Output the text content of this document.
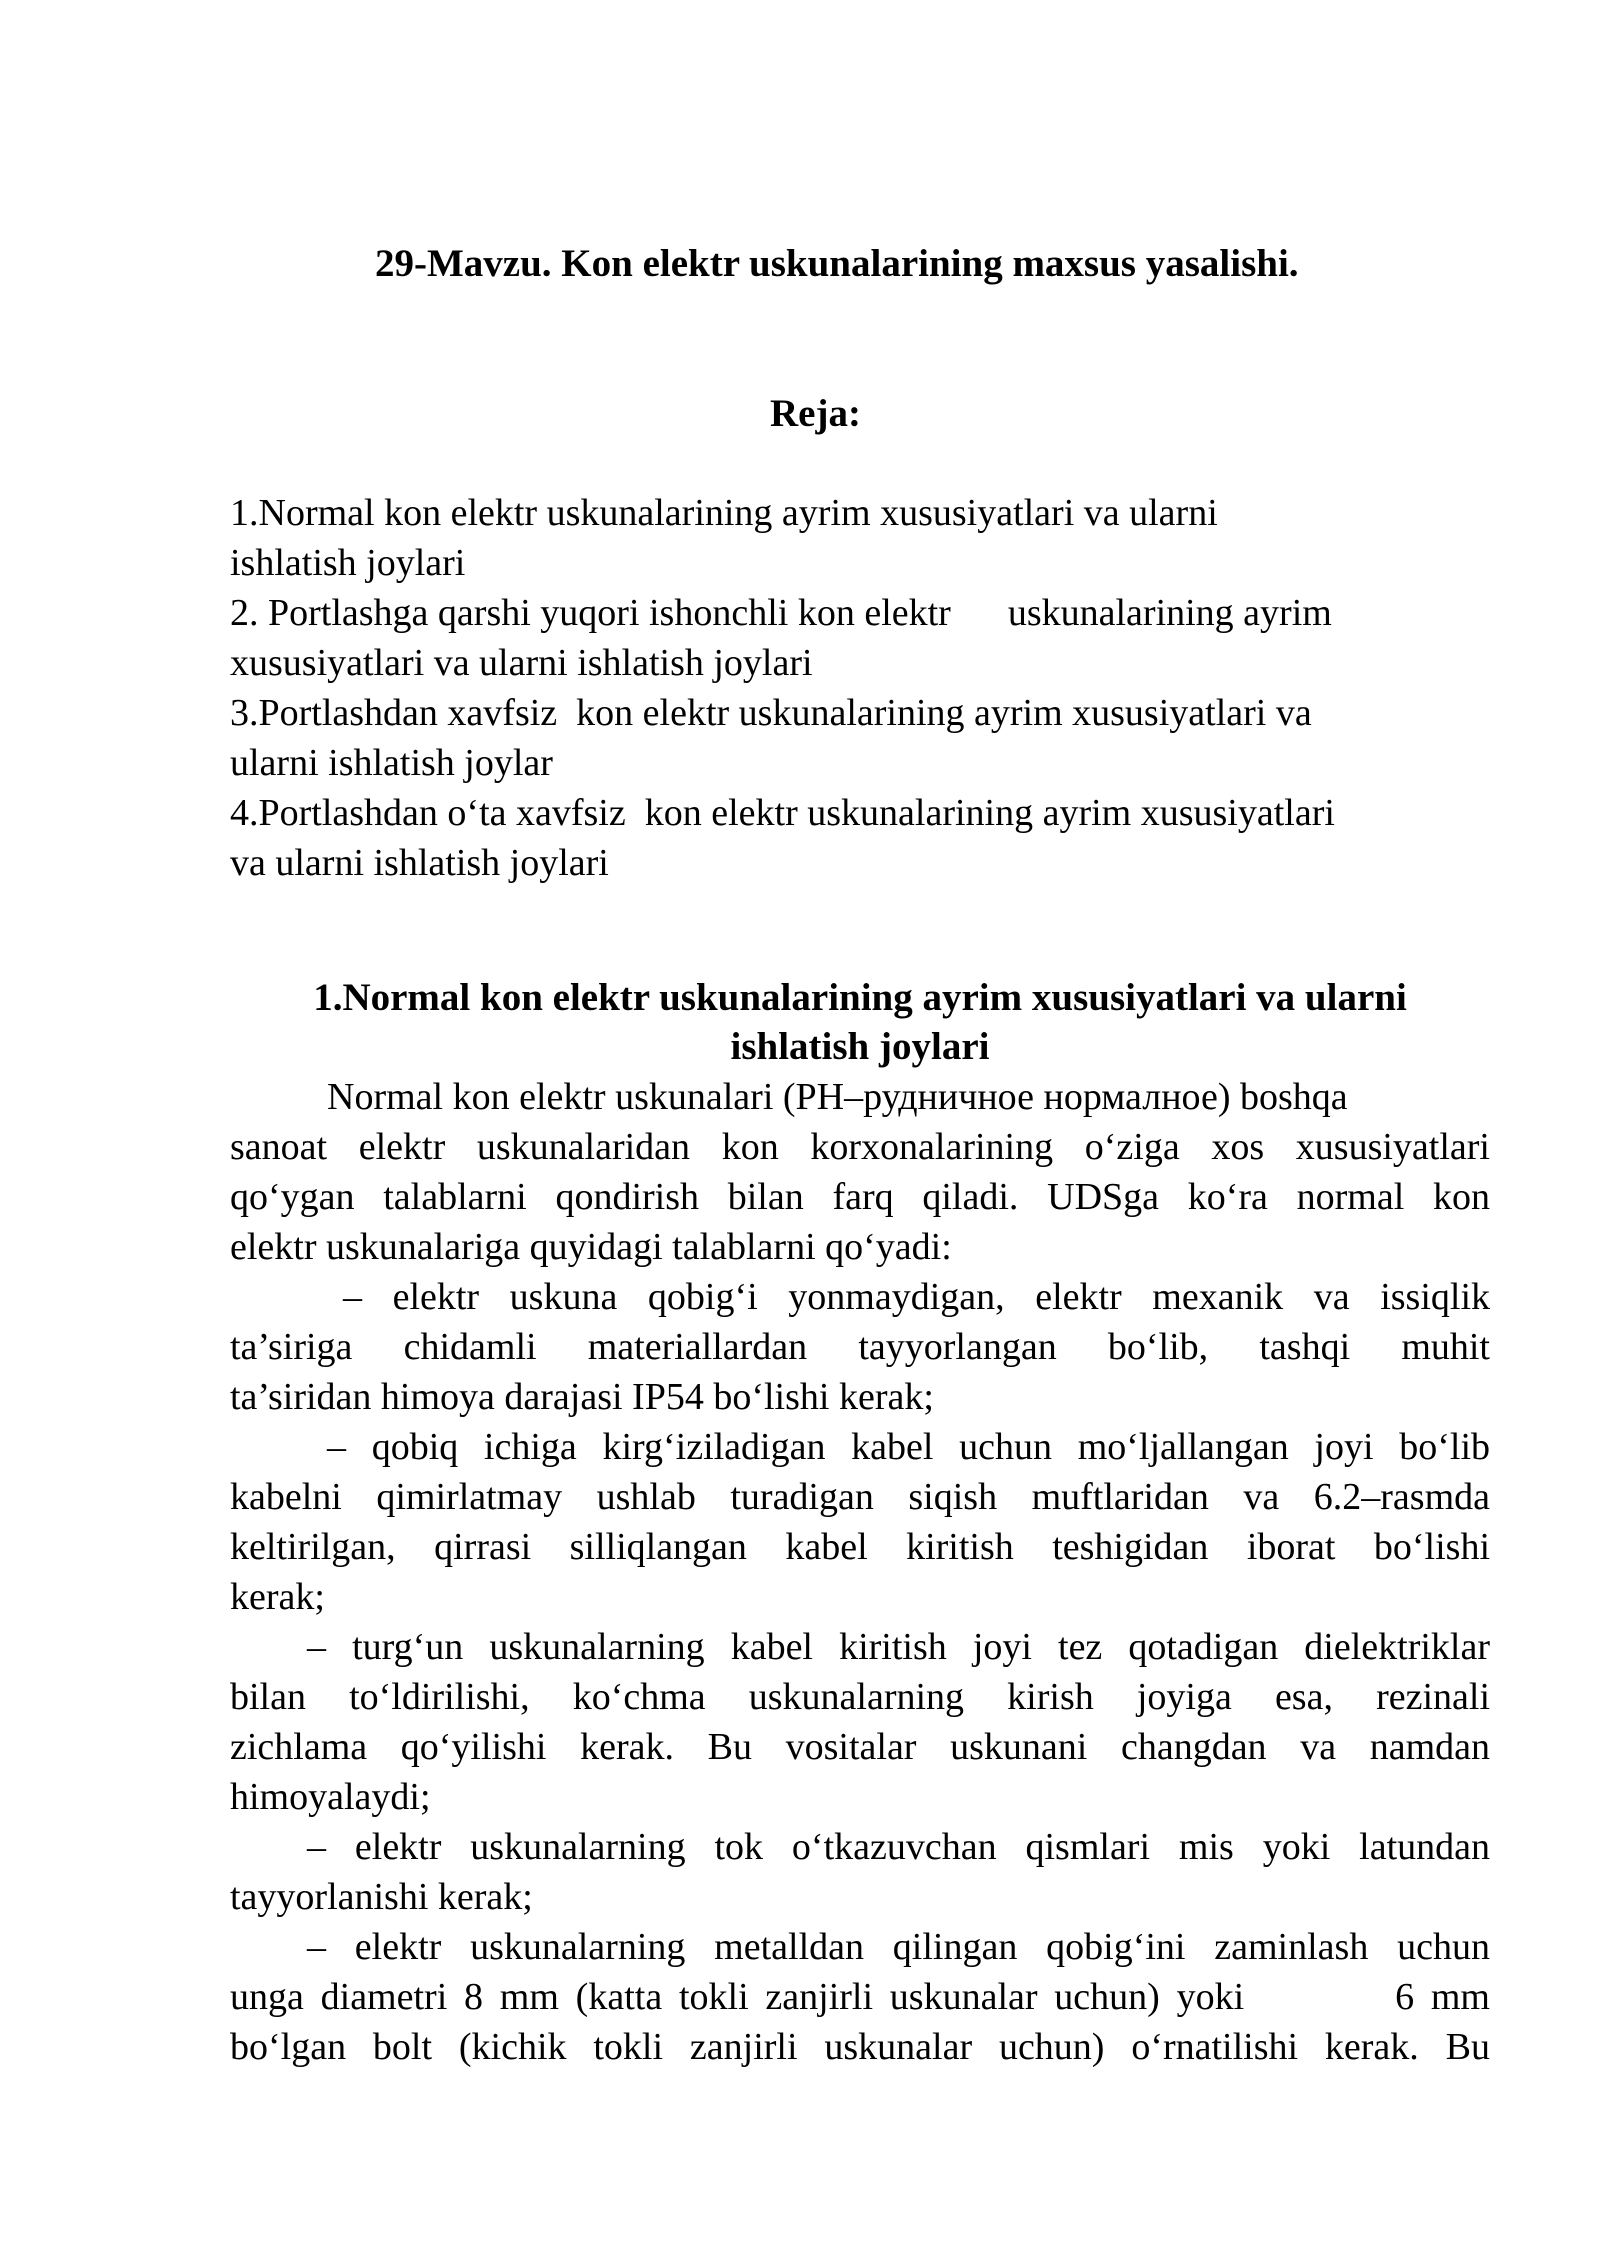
29-Mavzu. Kon elektr uskunalarining maxsus yasalishi.
Reja:
1.Normal kon elektr uskunalarining ayrim xususiyatlari va ularni
ishlatish joylari
2. Portlashga qarshi yuqori ishonchli kon elektr      uskunalarining ayrim
xususiyatlari va ularni ishlatish joylari
3.Portlashdan xavfsiz  kon elektr uskunalarining ayrim xususiyatlari va
ularni ishlatish joylar
4.Portlashdan o‘ta xavfsiz  kon elektr uskunalarining ayrim xususiyatlari
va ularni ishlatish joylari
1.Normal kon elektr uskunalarining ayrim xususiyatlari va ularni
ishlatish joylari
Normal kon elektr uskunalari (PH–рудничное нормалное) boshqa
sanoat elektr uskunalaridan kon korxonalarining o‘ziga xos xususiyatlari
qo‘ygan talablarni qondirish bilan farq qiladi. UDSga ko‘ra normal kon
elektr uskunalariga quyidagi talablarni qo‘yadi:
– elektr uskuna qobig‘i yonmaydigan, elektr mexanik va issiqlik
ta’siriga chidamli materiallardan tayyorlangan bo‘lib, tashqi muhit
ta’siridan himoya darajasi IP54 bo‘lishi kerak;
– qobiq ichiga kirg‘iziladigan kabel uchun mo‘ljallangan joyi bo‘lib
kabelni qimirlatmay ushlab turadigan siqish muftlaridan va 6.2–rasmda
keltirilgan, qirrasi silliqlangan kabel kiritish teshigidan iborat bo‘lishi
kerak;
– turg‘un uskunalarning kabel kiritish joyi tez qotadigan dielektriklar
bilan to‘ldirilishi, ko‘chma uskunalarning kirish joyiga esa, rezinali
zichlama qo‘yilishi kerak. Bu vositalar uskunani changdan va namdan
himoyalaydi;
– elektr uskunalarning tok o‘tkazuvchan qismlari mis yoki latundan
tayyorlanishi kerak;
– elektr uskunalarning metalldan qilingan qobig‘ini zaminlash uchun
unga diametri 8 mm (katta tokli zanjirli uskunalar uchun) yoki         6 mm
bo‘lgan bolt (kichik tokli zanjirli uskunalar uchun) o‘rnatilishi kerak. Bu
